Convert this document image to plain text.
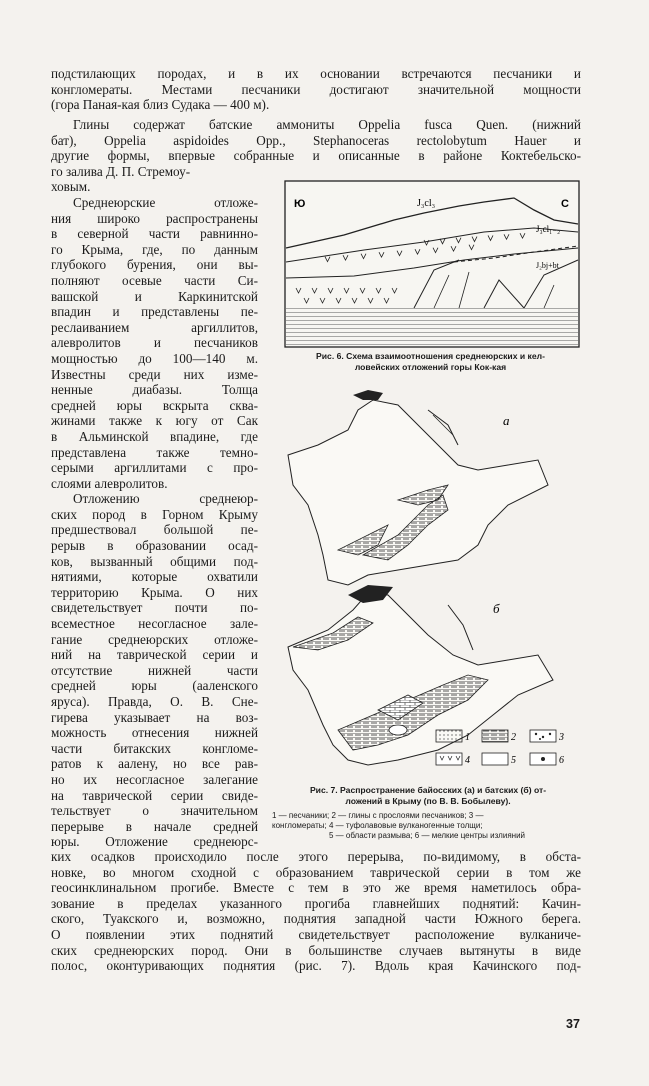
подстилающих породах, и в их основании встречаются песчаники и
конгломераты. Местами песчаники достигают значительной мощности
(гора Паная-кая близ Судака — 400 м).
Глины содержат батские аммониты Oppelia fusca Quen. (нижний
бат), Oppelia aspidoides Opp., Stephanoceras rectolobytum Hauer и
другие формы, впервые собранные и описанные в районе Коктебельско-
го залива Д. П. Стремоу-
ховым.
Среднеюрские отложе-
ния широко распространены
в северной части равнинно-
го Крыма, где, по данным
глубокого бурения, они вы-
полняют осевые части Си-
вашской и Каркинитской
впадин и представлены пе-
реслаиванием аргиллитов,
алевролитов и песчаников
мощностью до 100—140 м.
Известны среди них изме-
ненные диабазы. Толща
средней юры вскрыта сква-
жинами также к югу от Сак
в Альминской впадине, где
представлена также темно-
серыми аргиллитами с про-
слоями алевролитов.
Отложению среднеюр-
ских пород в Горном Крыму
предшествовал большой пе-
рерыв в образовании осад-
ков, вызванный общими под-
нятиями, которые охватили
территорию Крыма. О них
свидетельствует почти по-
всеместное несогласное зале-
гание среднеюрских отложе-
ний на таврической серии и
отсутствие нижней части
средней юры (ааленского
яруса). Правда, О. В. Сне-
гирева указывает на воз-
можность отнесения нижней
части битакских конгломе-
ратов к аалену, но все рав-
но их несогласное залегание
на таврической серии свиде-
тельствует о значительном
перерыве в начале средней
юры. Отложение среднеюрс-
Ю	С
J₃cl₃
J₃cl₁₋₂
J₂bj+bt
Рис. 6. Схема взаимоотношения среднеюрских и кел-
ловейских отложений горы Кок-кая
а
б
1	2	3
4	5	6
Рис. 7. Распространение байосских (а) и батских (б) от-
ложений в Крыму (по В. В. Бобылеву).
1 — песчаники; 2 — глины с прослоями песчаников; 3 —
конгломераты; 4 — туфолавовые вулканогенные толщи;
5 — области размыва; 6 — мелкие центры излияний
ких осадков происходило после этого перерыва, по-видимому, в обста-
новке, во многом сходной с образованием таврической серии в том же
геосинклинальном прогибе. Вместе с тем в это же время наметилось обра-
зование в пределах указанного прогиба главнейших поднятий: Качин-
ского, Туакского и, возможно, поднятия западной части Южного берега.
О появлении этих поднятий свидетельствует расположение вулканиче-
ских среднеюрских пород. Они в большинстве случаев вытянуты в виде
полос, оконтуривающих поднятия (рис. 7). Вдоль края Качинского под-
37
